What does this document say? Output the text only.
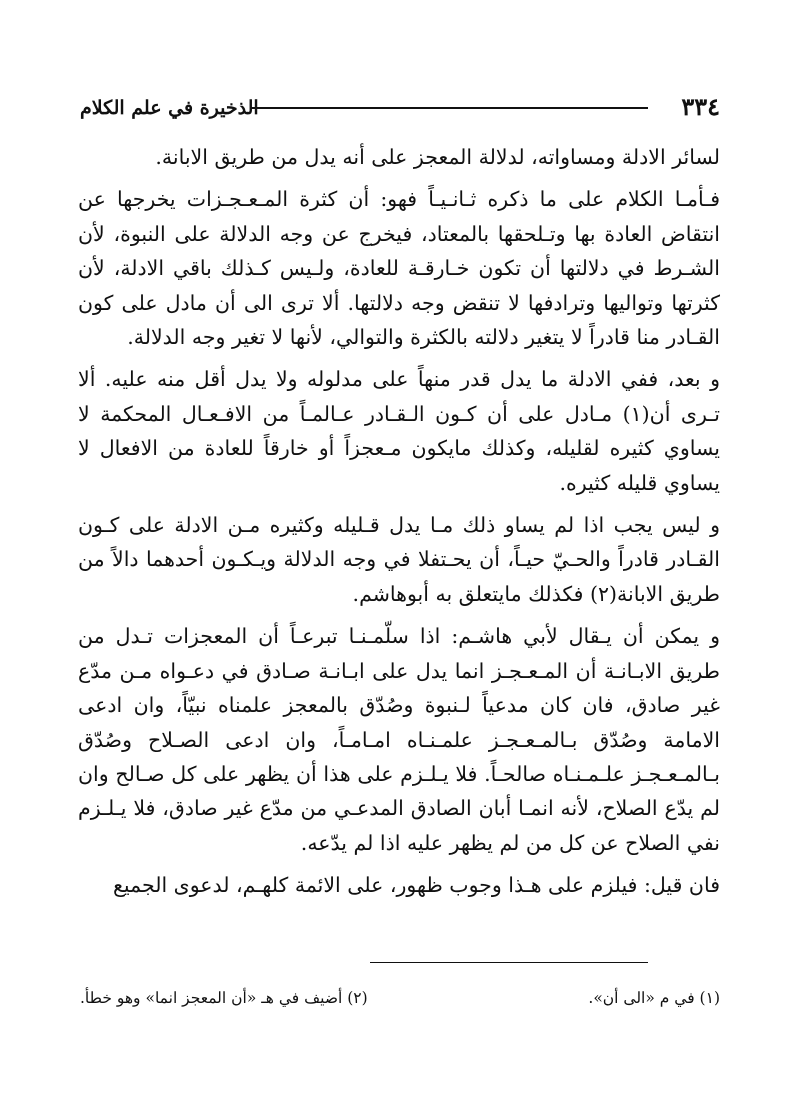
٣٣٤
الذخيرة في علم الكلام

لسائر الادلة ومساواته، لدلالة المعجز على أنه يدل من طريق الابانة.

فـأمـا الكلام على ما ذكره ثـانـيـاً فهو: أن كثرة المـعـجـزات يخرجها عن انتقاض العادة بها وتـلحقها بالمعتاد، فيخرج عن وجه الدلالة على النبوة، لأن الشـرط في دلالتها أن تكون خـارقـة للعادة، ولـيس كـذلك باقي الادلة، لأن كثرتها وتواليها وترادفها لا تنقض وجه دلالتها. ألا ترى الى أن مادل على كون القـادر منا قادراً لا يتغير دلالته بالكثرة والتوالي، لأنها لا تغير وجه الدلالة.

و بعد، ففي الادلة ما يدل قدر منهاً على مدلوله ولا يدل أقل منه عليه. ألا تـرى أن(١) مـادل على أن كـون الـقـادر عـالمـاً من الافـعـال المحكمة لا يساوي كثيره لقليله، وكذلك مايكون مـعجزاً أو خارقاً للعادة من الافعال لا يساوي قليله كثيره.

و ليس يجب اذا لم يساو ذلك مـا يدل قـليله وكثيره مـن الادلة على كـون القـادر قادراً والحـيّ حيـاً، أن يحـتفلا في وجه الدلالة ويـكـون أحدهما دالاً من طريق الابانة(٢) فكذلك مايتعلق به أبوهاشم.

و يمكن أن يـقال لأبي هاشـم: اذا سلّمـنـا تبرعـاً أن المعجزات تـدل من طريق الابـانـة أن المـعـجـز انما يدل على ابـانـة صـادق في دعـواه مـن مدّع غير صادق، فان كان مدعياً لـنبوة وصُدّق بالمعجز علمناه نبيّاً، وان ادعى الامامة وصُدّق بـالمـعـجـز علمـنـاه امـامـاً، وان ادعى الصـلاح وصُدّق بـالمـعـجـز علـمـنـاه صالحـاً. فلا يـلـزم على هذا أن يظهر على كل صـالح وان لم يدّع الصلاح، لأنه انمـا أبان الصادق المدعـي من مدّع غير صادق، فلا يـلـزم نفي الصلاح عن كل من لم يظهر عليه اذا لم يدّعه.

فان قيل: فيلزم على هـذا وجوب ظهور، على الائمة كلهـم، لدعوى الجميع

(١) في م «الى أن».
(٢) أضيف في هـ «أن المعجز انما» وهو خطأ.
